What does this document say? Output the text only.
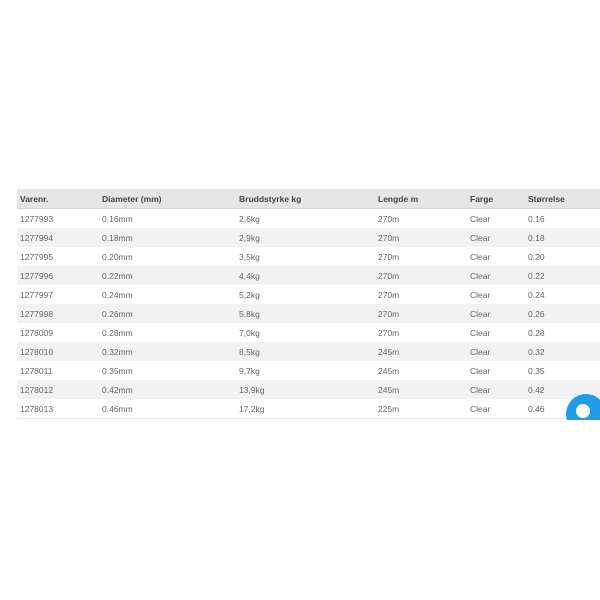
Varenr.	Diameter (mm)	Bruddstyrke kg	Lengde m	Farge	Størrelse
1277993	0.16mm	2,6kg	270m	Clear	0.16
1277994	0.18mm	2,9kg	270m	Clear	0.18
1277995	0.20mm	3,5kg	270m	Clear	0.20
1277996	0.22mm	4,4kg	270m	Clear	0.22
1277997	0.24mm	5,2kg	270m	Clear	0.24
1277998	0.26mm	5,8kg	270m	Clear	0.26
1278009	0.28mm	7,0kg	270m	Clear	0.28
1278010	0.32mm	8,5kg	245m	Clear	0.32
1278011	0.35mm	9,7kg	245m	Clear	0.35
1278012	0.42mm	13,9kg	245m	Clear	0.42
1278013	0.46mm	17,2kg	225m	Clear	0.46
